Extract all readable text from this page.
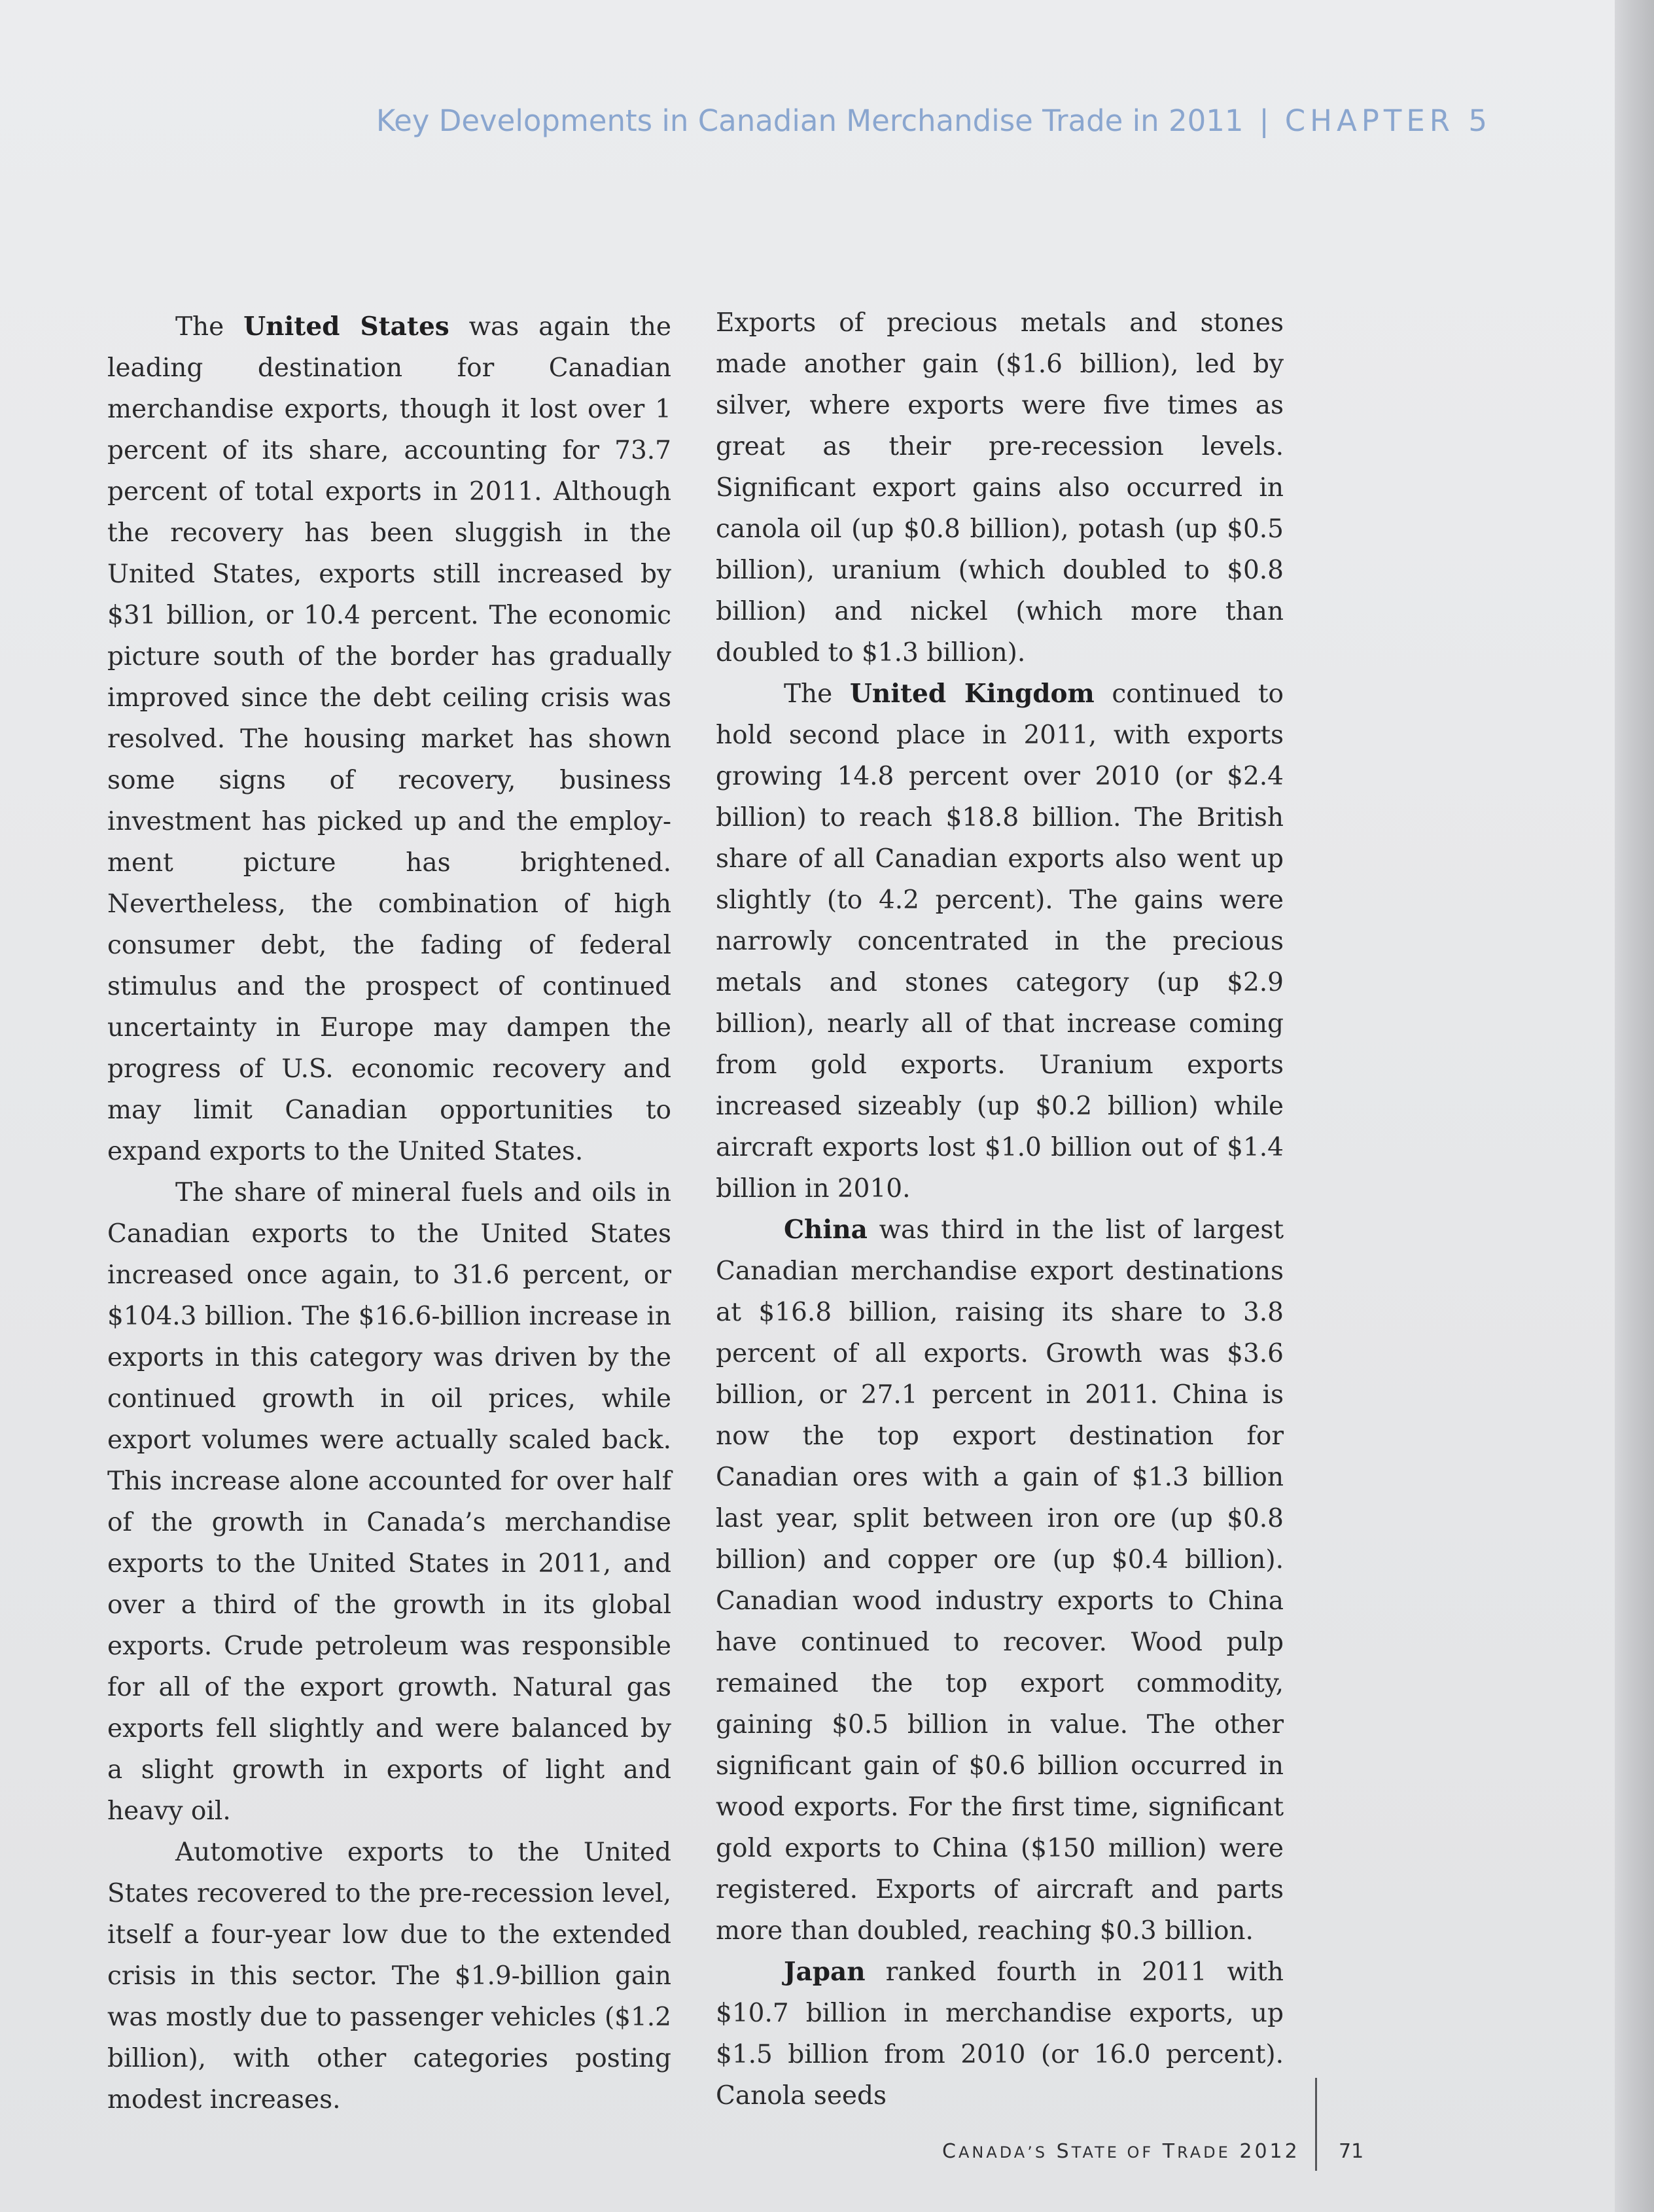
Key Developments in Canadian Merchandise Trade in 2011 | CHAPTER 5

The United States was again the leading destination for Canadian merchandise exports, though it lost over 1 percent of its share, accounting for 73.7 percent of total exports in 2011. Although the recovery has been sluggish in the United States, exports still increased by $31 billion, or 10.4 percent. The economic picture south of the border has gradually improved since the debt ceiling crisis was resolved. The housing market has shown some signs of recovery, business investment has picked up and the employment picture has brightened. Nevertheless, the combination of high consumer debt, the fading of federal stimulus and the prospect of continued uncertainty in Europe may dampen the progress of U.S. economic recovery and may limit Canadian opportunities to expand exports to the United States.

The share of mineral fuels and oils in Canadian exports to the United States increased once again, to 31.6 percent, or $104.3 billion. The $16.6-billion increase in exports in this category was driven by the continued growth in oil prices, while export volumes were actually scaled back. This increase alone accounted for over half of the growth in Canada’s merchandise exports to the United States in 2011, and over a third of the growth in its global exports. Crude petroleum was responsible for all of the export growth. Natural gas exports fell slightly and were balanced by a slight growth in exports of light and heavy oil.

Automotive exports to the United States recovered to the pre-recession level, itself a four-year low due to the extended crisis in this sector. The $1.9-billion gain was mostly due to passenger vehicles ($1.2 billion), with other categories posting modest increases.

Exports of precious metals and stones made another gain ($1.6 billion), led by silver, where exports were five times as great as their pre-recession levels. Significant export gains also occurred in canola oil (up $0.8 billion), potash (up $0.5 billion), uranium (which doubled to $0.8 billion) and nickel (which more than doubled to $1.3 billion).

The United Kingdom continued to hold second place in 2011, with exports growing 14.8 percent over 2010 (or $2.4 billion) to reach $18.8 billion. The British share of all Canadian exports also went up slightly (to 4.2 percent). The gains were narrowly concentrated in the precious metals and stones category (up $2.9 billion), nearly all of that increase coming from gold exports. Uranium exports increased sizeably (up $0.2 billion) while aircraft exports lost $1.0 billion out of $1.4 billion in 2010.

China was third in the list of largest Canadian merchandise export destinations at $16.8 billion, raising its share to 3.8 percent of all exports. Growth was $3.6 billion, or 27.1 percent in 2011. China is now the top export destination for Canadian ores with a gain of $1.3 billion last year, split between iron ore (up $0.8 billion) and copper ore (up $0.4 billion). Canadian wood industry exports to China have continued to recover. Wood pulp remained the top export commodity, gaining $0.5 billion in value. The other significant gain of $0.6 billion occurred in wood exports. For the first time, significant gold exports to China ($150 million) were registered. Exports of aircraft and parts more than doubled, reaching $0.3 billion.

Japan ranked fourth in 2011 with $10.7 billion in merchandise exports, up $1.5 billion from 2010 (or 16.0 percent). Canola seeds

CANADA’S STATE OF TRADE 2012 71
